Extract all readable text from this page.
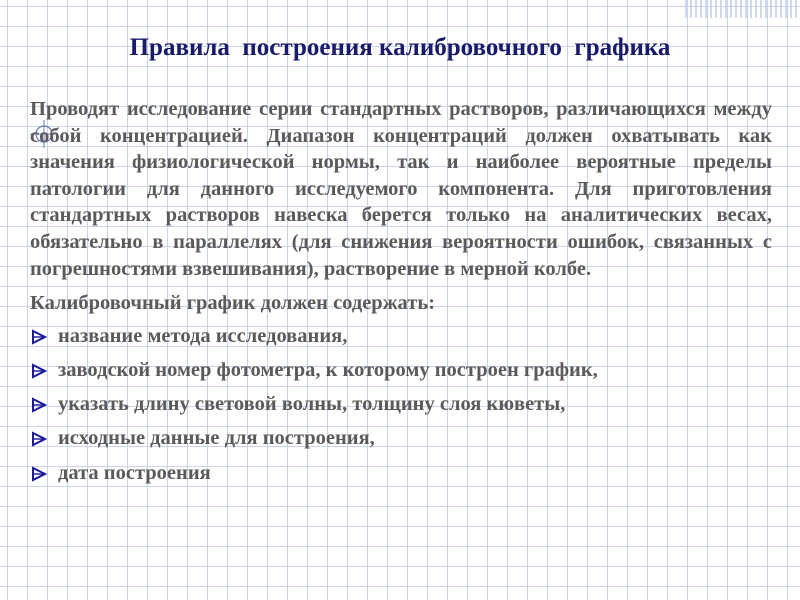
Правила  построения калибровочного  графика

Проводят исследование серии стандартных растворов, различающихся между собой концентрацией. Диапазон концентраций должен охватывать как значения физиологической нормы, так и наиболее вероятные пределы патологии для данного исследуемого компонента. Для приготовления стандартных растворов навеска берется только на аналитических весах, обязательно в параллелях (для снижения вероятности ошибок, связанных с погрешностями взвешивания), растворение в мерной колбе.

Калибровочный график должен содержать:

название метода исследования,
заводской номер фотометра, к которому построен график,
указать длину световой волны, толщину слоя кюветы,
исходные данные для построения,
дата построения
